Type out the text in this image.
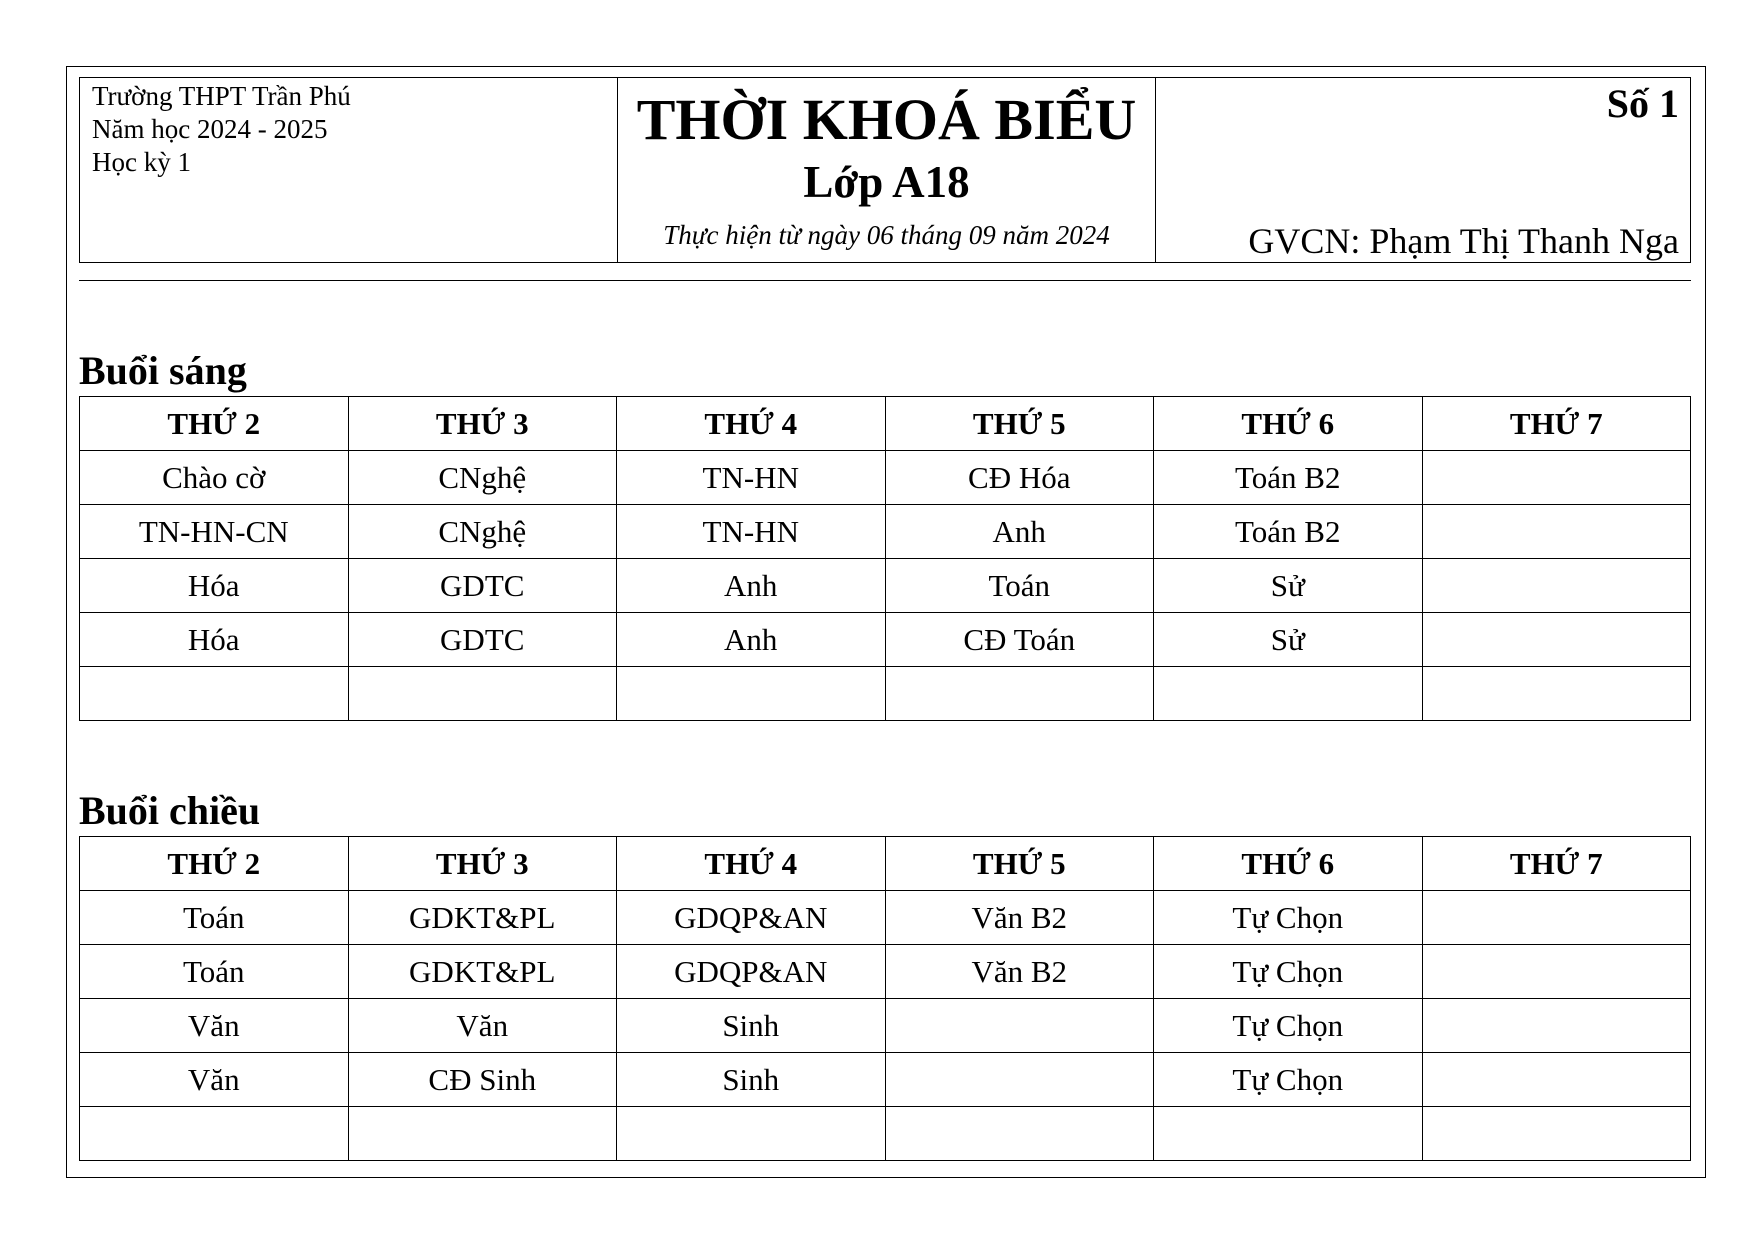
Trường THPT Trần Phú
Năm học 2024 - 2025
Học kỳ 1
THỜI KHOÁ BIỂU
Lớp A18
Thực hiện từ ngày 06 tháng 09 năm 2024
Số 1
GVCN: Phạm Thị Thanh Nga
Buổi sáng
THỨ 2	THỨ 3	THỨ 4	THỨ 5	THỨ 6	THỨ 7
Chào cờ	CNghệ	TN-HN	CĐ Hóa	Toán B2	
TN-HN-CN	CNghệ	TN-HN	Anh	Toán B2	
Hóa	GDTC	Anh	Toán	Sử	
Hóa	GDTC	Anh	CĐ Toán	Sử	

Buổi chiều
THỨ 2	THỨ 3	THỨ 4	THỨ 5	THỨ 6	THỨ 7
Toán	GDKT&PL	GDQP&AN	Văn B2	Tự Chọn	
Toán	GDKT&PL	GDQP&AN	Văn B2	Tự Chọn	
Văn	Văn	Sinh		Tự Chọn	
Văn	CĐ Sinh	Sinh		Tự Chọn	
